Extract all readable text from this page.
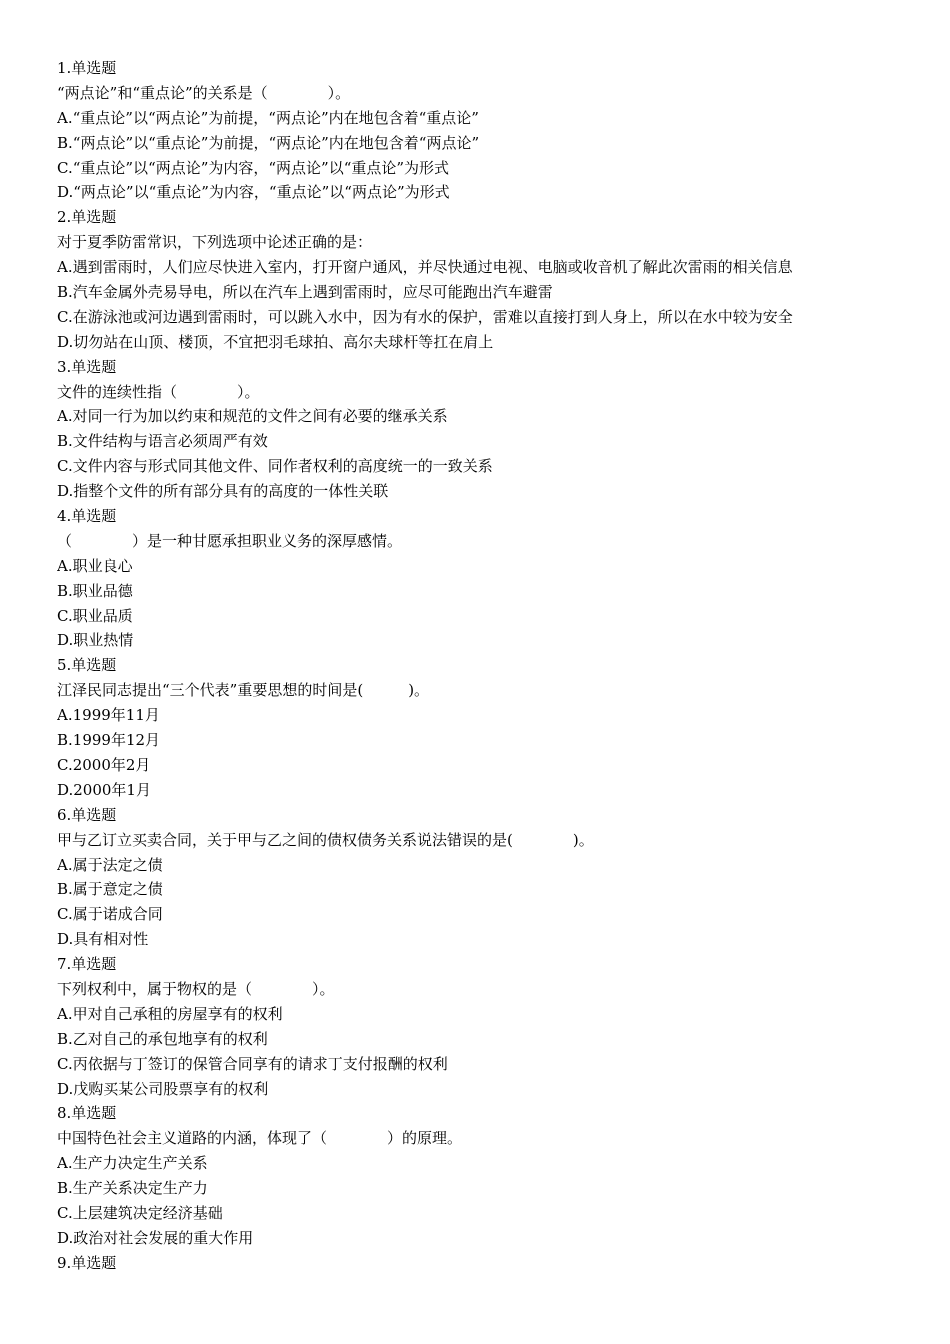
1.单选题
“两点论”和“重点论”的关系是（　　　　）。
A.“重点论”以“两点论”为前提，“两点论”内在地包含着“重点论”
B.“两点论”以“重点论”为前提，“两点论”内在地包含着“两点论”
C.“重点论”以“两点论”为内容，“两点论”以“重点论”为形式
D.“两点论”以“重点论”为内容，“重点论”以“两点论”为形式
2.单选题
对于夏季防雷常识，下列选项中论述正确的是：
A.遇到雷雨时，人们应尽快进入室内，打开窗户通风，并尽快通过电视、电脑或收音机了解此次雷雨的相关信息
B.汽车金属外壳易导电，所以在汽车上遇到雷雨时，应尽可能跑出汽车避雷
C.在游泳池或河边遇到雷雨时，可以跳入水中，因为有水的保护，雷难以直接打到人身上，所以在水中较为安全
D.切勿站在山顶、楼顶，不宜把羽毛球拍、高尔夫球杆等扛在肩上
3.单选题
文件的连续性指（　　　　）。
A.对同一行为加以约束和规范的文件之间有必要的继承关系
B.文件结构与语言必须周严有效
C.文件内容与形式同其他文件、同作者权利的高度统一的一致关系
D.指整个文件的所有部分具有的高度的一体性关联
4.单选题
（　　　　）是一种甘愿承担职业义务的深厚感情。
A.职业良心
B.职业品德
C.职业品质
D.职业热情
5.单选题
江泽民同志提出“三个代表”重要思想的时间是(　　　)。
A.1999年11月
B.1999年12月
C.2000年2月
D.2000年1月
6.单选题
甲与乙订立买卖合同，关于甲与乙之间的债权债务关系说法错误的是(　　　　)。
A.属于法定之债
B.属于意定之债
C.属于诺成合同
D.具有相对性
7.单选题
下列权利中，属于物权的是（　　　　）。
A.甲对自己承租的房屋享有的权利
B.乙对自己的承包地享有的权利
C.丙依据与丁签订的保管合同享有的请求丁支付报酬的权利
D.戊购买某公司股票享有的权利
8.单选题
中国特色社会主义道路的内涵，体现了（　　　　）的原理。
A.生产力决定生产关系
B.生产关系决定生产力
C.上层建筑决定经济基础
D.政治对社会发展的重大作用
9.单选题
